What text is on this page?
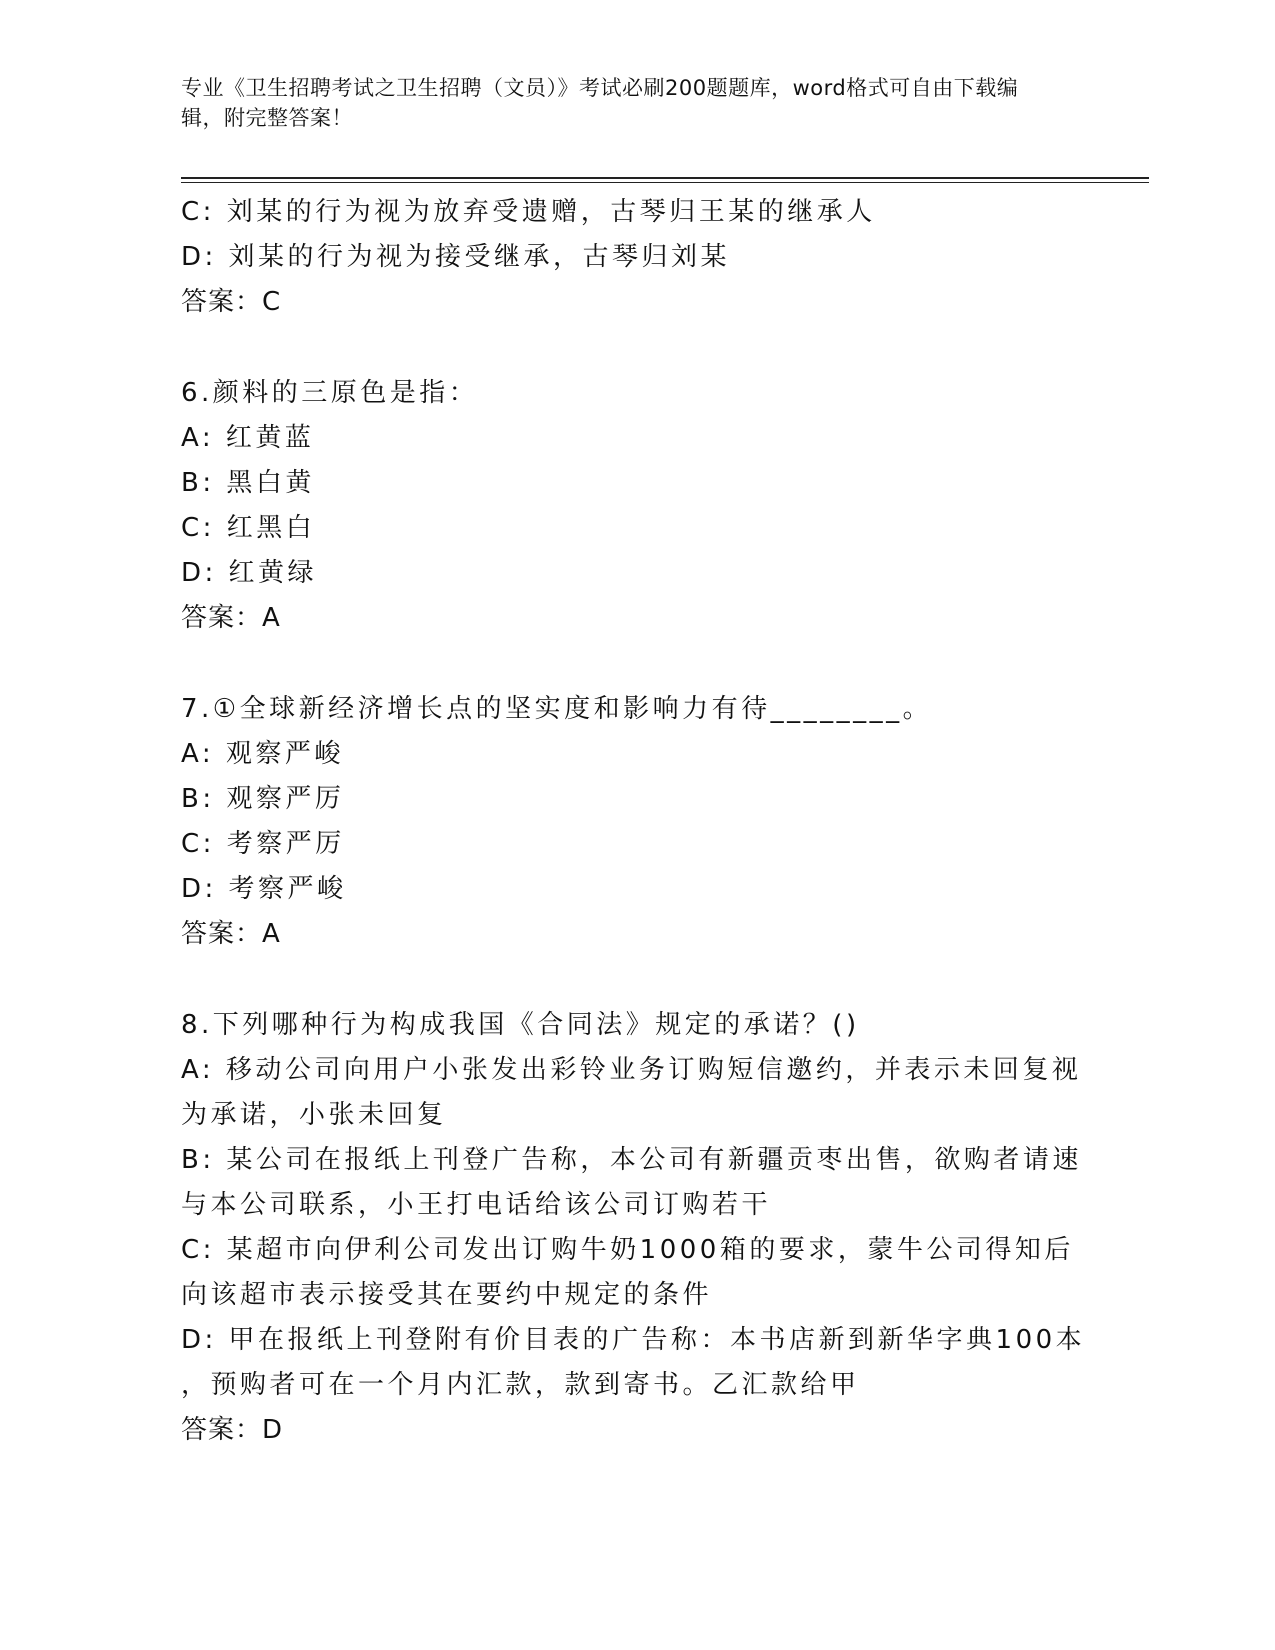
专业《卫生招聘考试之卫生招聘（文员）》考试必刷200题题库，word格式可自由下载编辑，附完整答案！
C: 刘某的行为视为放弃受遗赠，古琴归王某的继承人
D: 刘某的行为视为接受继承，古琴归刘某
答案：C
6.颜料的三原色是指：
A: 红黄蓝
B: 黑白黄
C: 红黑白
D: 红黄绿
答案：A
7.①全球新经济增长点的坚实度和影响力有待________。
A: 观察严峻
B: 观察严厉
C: 考察严厉
D: 考察严峻
答案：A
8.下列哪种行为构成我国《合同法》规定的承诺？()
A: 移动公司向用户小张发出彩铃业务订购短信邀约，并表示未回复视
为承诺，小张未回复
B: 某公司在报纸上刊登广告称，本公司有新疆贡枣出售，欲购者请速
与本公司联系，小王打电话给该公司订购若干
C: 某超市向伊利公司发出订购牛奶1000箱的要求，蒙牛公司得知后
向该超市表示接受其在要约中规定的条件
D: 甲在报纸上刊登附有价目表的广告称：本书店新到新华字典100本
，预购者可在一个月内汇款，款到寄书。乙汇款给甲
答案：D
